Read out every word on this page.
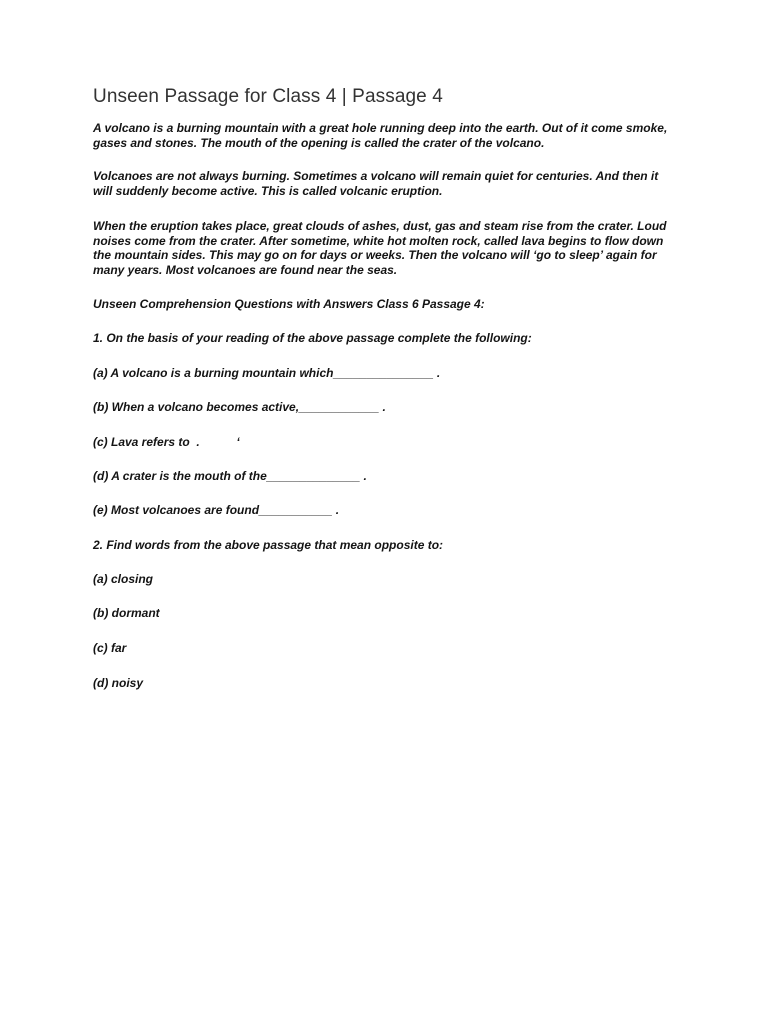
Unseen Passage for Class 4 | Passage 4
A volcano is a burning mountain with a great hole running deep into the earth. Out of it come smoke,
gases and stones. The mouth of the opening is called the crater of the volcano.
Volcanoes are not always burning. Sometimes a volcano will remain quiet for centuries. And then it
will suddenly become active. This is called volcanic eruption.
When the eruption takes place, great clouds of ashes, dust, gas and steam rise from the crater. Loud
noises come from the crater. After sometime, white hot molten rock, called lava begins to flow down
the mountain sides. This may go on for days or weeks. Then the volcano will ‘go to sleep’ again for
many years. Most volcanoes are found near the seas.
Unseen Comprehension Questions with Answers Class 6 Passage 4:
1. On the basis of your reading of the above passage complete the following:
(a) A volcano is a burning mountain which_______________ .
(b) When a volcano becomes active,____________ .
(c) Lava refers to  .           ‘
(d) A crater is the mouth of the______________ .
(e) Most volcanoes are found___________ .
2. Find words from the above passage that mean opposite to:
(a) closing
(b) dormant
(c) far
(d) noisy
